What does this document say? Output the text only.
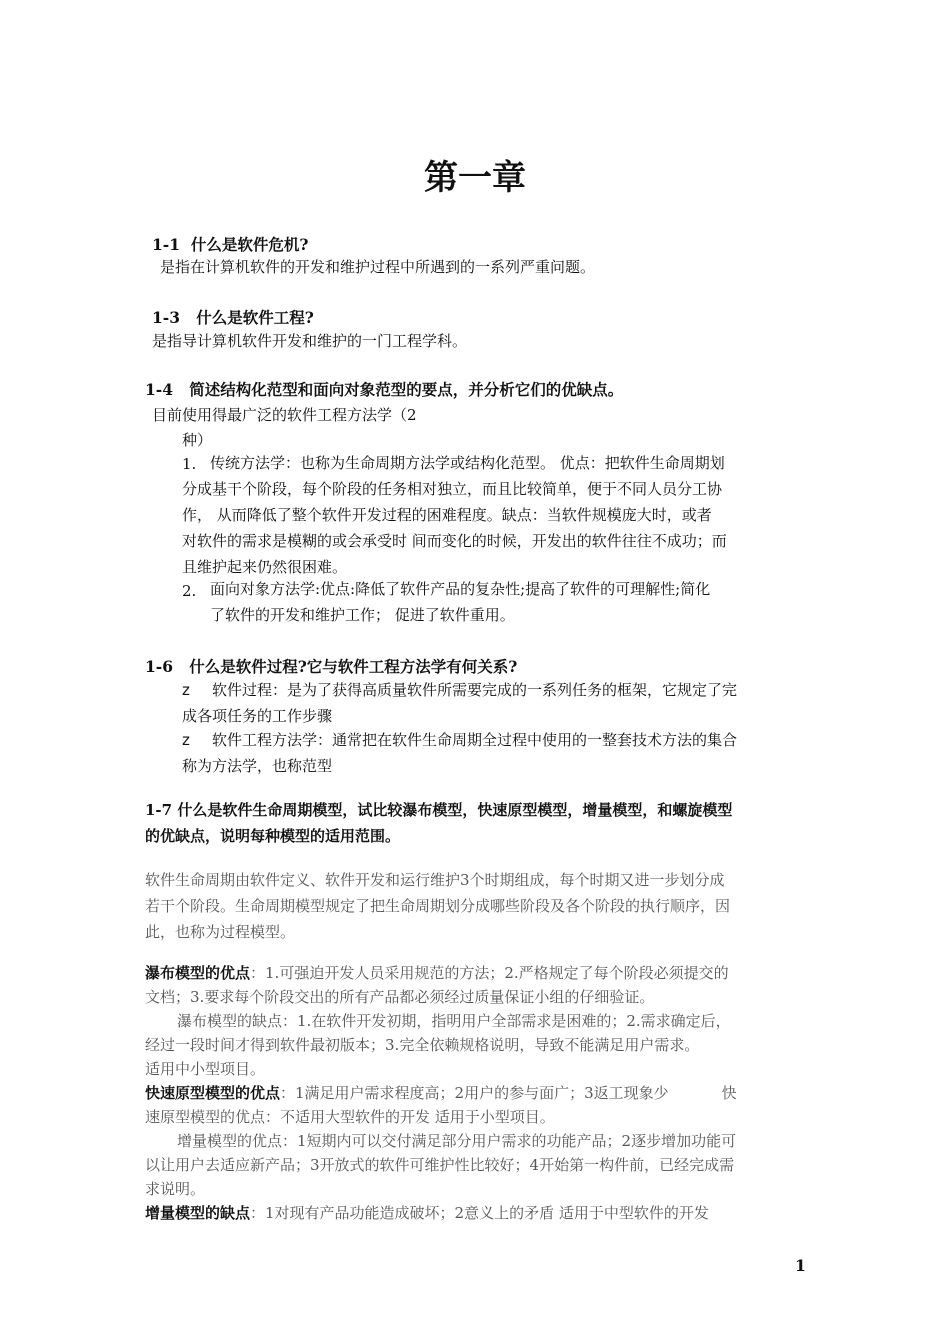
第一章
1-1 什么是软件危机?
是指在计算机软件的开发和维护过程中所遇到的一系列严重问题。
1-3 什么是软件工程?
是指导计算机软件开发和维护的一门工程学科。
1-4 简述结构化范型和面向对象范型的要点，并分析它们的优缺点。
目前使用得最广泛的软件工程方法学（2
种）
1. 传统方法学：也称为生命周期方法学或结构化范型。 优点：把软件生命周期划
分成基干个阶段，每个阶段的任务相对独立，而且比较简单，便于不同人员分工协
作， 从而降低了整个软件开发过程的困难程度。缺点：当软件规模庞大时，或者
对软件的需求是模糊的或会承受时 间而变化的时候，开发出的软件往往不成功；而
且维护起来仍然很困难。
2. 面向对象方法学:优点:降低了软件产品的复杂性;提高了软件的可理解性;简化
了软件的开发和维护工作； 促进了软件重用。
1-6 什么是软件过程?它与软件工程方法学有何关系?
z 软件过程：是为了获得高质量软件所需要完成的一系列任务的框架，它规定了完
成各项任务的工作步骤
z 软件工程方法学：通常把在软件生命周期全过程中使用的一整套技术方法的集合
称为方法学，也称范型
1-7 什么是软件生命周期模型，试比较瀑布模型，快速原型模型，增量模型，和螺旋模型
的优缺点，说明每种模型的适用范围。
软件生命周期由软件定义、软件开发和运行维护3个时期组成，每个时期又进一步划分成
若干个阶段。生命周期模型规定了把生命周期划分成哪些阶段及各个阶段的执行顺序，因
此，也称为过程模型。
瀑布模型的优点：1.可强迫开发人员采用规范的方法；2.严格规定了每个阶段必须提交的
文档；3.要求每个阶段交出的所有产品都必须经过质量保证小组的仔细验证。
瀑布模型的缺点：1.在软件开发初期，指明用户全部需求是困难的；2.需求确定后，
经过一段时间才得到软件最初版本；3.完全依赖规格说明，导致不能满足用户需求。
适用中小型项目。
快速原型模型的优点：1满足用户需求程度高；2用户的参与面广；3返工现象少	快
速原型模型的优点：不适用大型软件的开发 适用于小型项目。
增量模型的优点：1短期内可以交付满足部分用户需求的功能产品；2逐步增加功能可
以让用户去适应新产品；3开放式的软件可维护性比较好；4开始第一构件前，已经完成需
求说明。
增量模型的缺点：1对现有产品功能造成破坏；2意义上的矛盾 适用于中型软件的开发
1
